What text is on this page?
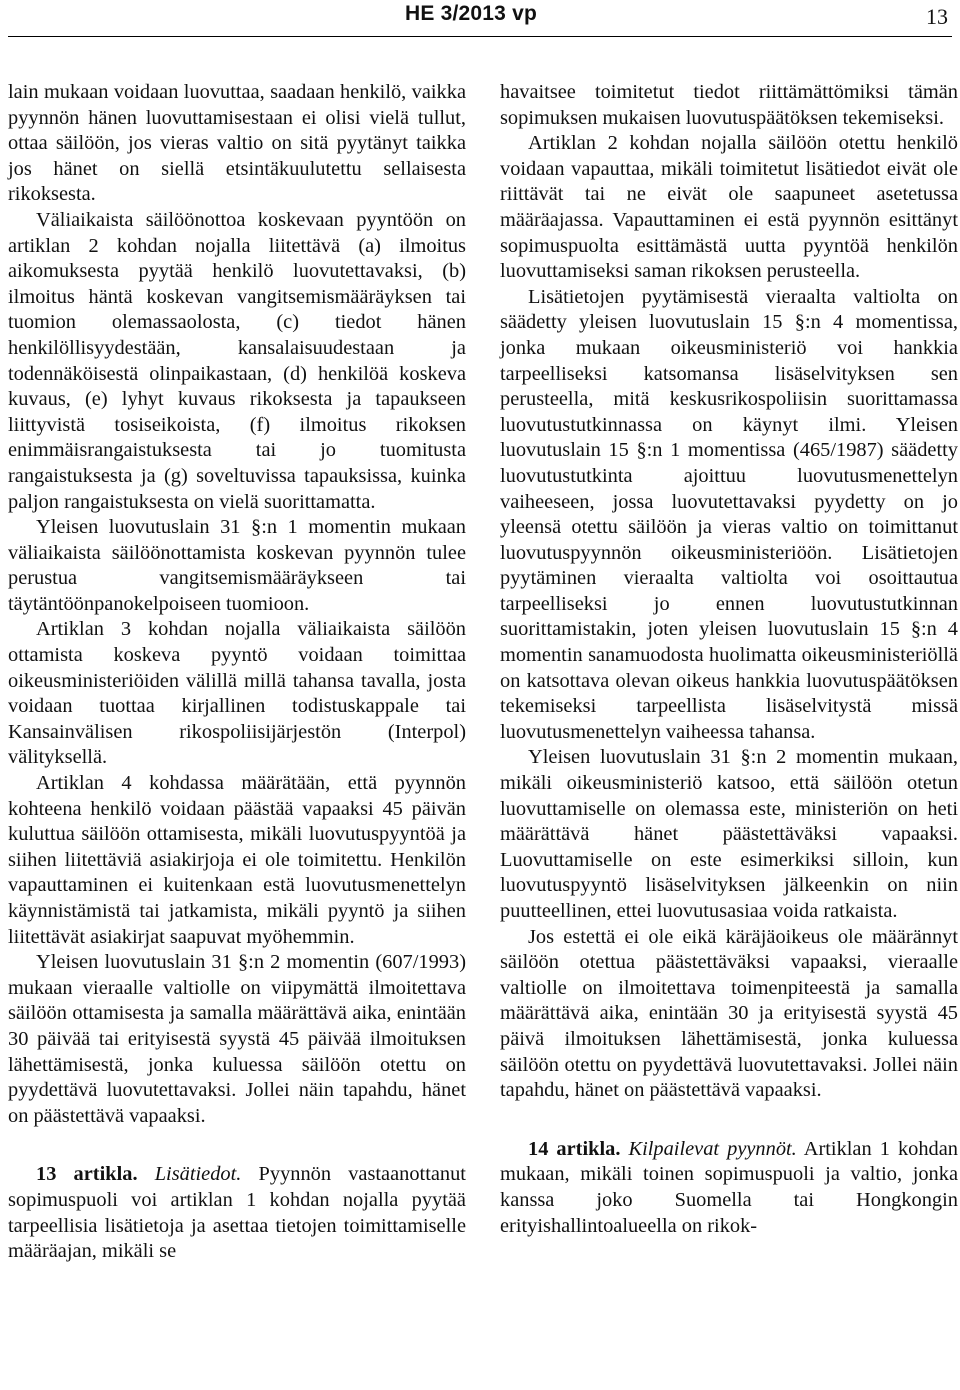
HE 3/2013 vp	13

lain mukaan voidaan luovuttaa, saadaan henkilö, vaikka pyynnön hänen luovuttamisestaan ei olisi vielä tullut, ottaa säilöön, jos vieras valtio on sitä pyytänyt taikka jos hänet on siellä etsintäkuulutettu sellaisesta rikoksesta.

Väliaikaista säilöönottoa koskevaan pyyntöön on artiklan 2 kohdan nojalla liitettävä (a) ilmoitus aikomuksesta pyytää henkilö luovutettavaksi, (b) ilmoitus häntä koskevan vangitsemismääräyksen tai tuomion olemassaolosta, (c) tiedot hänen henkilöllisyydestään, kansalaisuudestaan ja todennäköisestä olinpaikastaan, (d) henkilöä koskeva kuvaus, (e) lyhyt kuvaus rikoksesta ja tapaukseen liittyvistä tosiseikoista, (f) ilmoitus rikoksen enimmäisrangaistuksesta tai jo tuomitusta rangaistuksesta ja (g) soveltuvissa tapauksissa, kuinka paljon rangaistuksesta on vielä suorittamatta.

Yleisen luovutuslain 31 §:n 1 momentin mukaan väliaikaista säilöönottamista koskevan pyynnön tulee perustua vangitsemismääräykseen tai täytäntöönpanokelpoiseen tuomioon.

Artiklan 3 kohdan nojalla väliaikaista säilöön ottamista koskeva pyyntö voidaan toimittaa oikeusministeriöiden välillä millä tahansa tavalla, josta voidaan tuottaa kirjallinen todistuskappale tai Kansainvälisen rikospoliisijärjestön (Interpol) välityksellä.

Artiklan 4 kohdassa määrätään, että pyynnön kohteena henkilö voidaan päästää vapaaksi 45 päivän kuluttua säilöön ottamisesta, mikäli luovutuspyyntöä ja siihen liitettäviä asiakirjoja ei ole toimitettu. Henkilön vapauttaminen ei kuitenkaan estä luovutusmenettelyn käynnistämistä tai jatkamista, mikäli pyyntö ja siihen liitettävät asiakirjat saapuvat myöhemmin.

Yleisen luovutuslain 31 §:n 2 momentin (607/1993) mukaan vieraalle valtiolle on viipymättä ilmoitettava säilöön ottamisesta ja samalla määrättävä aika, enintään 30 päivää tai erityisestä syystä 45 päivää ilmoituksen lähettämisestä, jonka kuluessa säilöön otettu on pyydettävä luovutettavaksi. Jollei näin tapahdu, hänet on päästettävä vapaaksi.

13 artikla. Lisätiedot. Pyynnön vastaanottanut sopimuspuoli voi artiklan 1 kohdan nojalla pyytää tarpeellisia lisätietoja ja asettaa tietojen toimittamiselle määräajan, mikäli se

havaitsee toimitetut tiedot riittämättömiksi tämän sopimuksen mukaisen luovutuspäätöksen tekemiseksi.

Artiklan 2 kohdan nojalla säilöön otettu henkilö voidaan vapauttaa, mikäli toimitetut lisätiedot eivät ole riittävät tai ne eivät ole saapuneet asetetussa määräajassa. Vapauttaminen ei estä pyynnön esittänyt sopimuspuolta esittämästä uutta pyyntöä henkilön luovuttamiseksi saman rikoksen perusteella.

Lisätietojen pyytämisestä vieraalta valtiolta on säädetty yleisen luovutuslain 15 §:n 4 momentissa, jonka mukaan oikeusministeriö voi hankkia tarpeelliseksi katsomansa lisäselvityksen sen perusteella, mitä keskusrikospoliisin suorittamassa luovutustutkinnassa on käynyt ilmi. Yleisen luovutuslain 15 §:n 1 momentissa (465/1987) säädetty luovutustutkinta ajoittuu luovutusmenettelyn vaiheeseen, jossa luovutettavaksi pyydetty on jo yleensä otettu säilöön ja vieras valtio on toimittanut luovutuspyynnön oikeusministeriöön. Lisätietojen pyytäminen vieraalta valtiolta voi osoittautua tarpeelliseksi jo ennen luovutustutkinnan suorittamistakin, joten yleisen luovutuslain 15 §:n 4 momentin sanamuodosta huolimatta oikeusministeriöllä on katsottava olevan oikeus hankkia luovutuspäätöksen tekemiseksi tarpeellista lisäselvitystä missä luovutusmenettelyn vaiheessa tahansa.

Yleisen luovutuslain 31 §:n 2 momentin mukaan, mikäli oikeusministeriö katsoo, että säilöön otetun luovuttamiselle on olemassa este, ministeriön on heti määrättävä hänet päästettäväksi vapaaksi. Luovuttamiselle on este esimerkiksi silloin, kun luovutuspyyntö lisäselvityksen jälkeenkin on niin puutteellinen, ettei luovutusasiaa voida ratkaista.

Jos estettä ei ole eikä käräjäoikeus ole määrännyt säilöön otettua päästettäväksi vapaaksi, vieraalle valtiolle on ilmoitettava toimenpiteestä ja samalla määrättävä aika, enintään 30 ja erityisestä syystä 45 päivä ilmoituksen lähettämisestä, jonka kuluessa säilöön otettu on pyydettävä luovutettavaksi. Jollei näin tapahdu, hänet on päästettävä vapaaksi.

14 artikla. Kilpailevat pyynnöt. Artiklan 1 kohdan mukaan, mikäli toinen sopimuspuoli ja valtio, jonka kanssa joko Suomella tai Hongkongin erityishallintoalueella on rikok-
